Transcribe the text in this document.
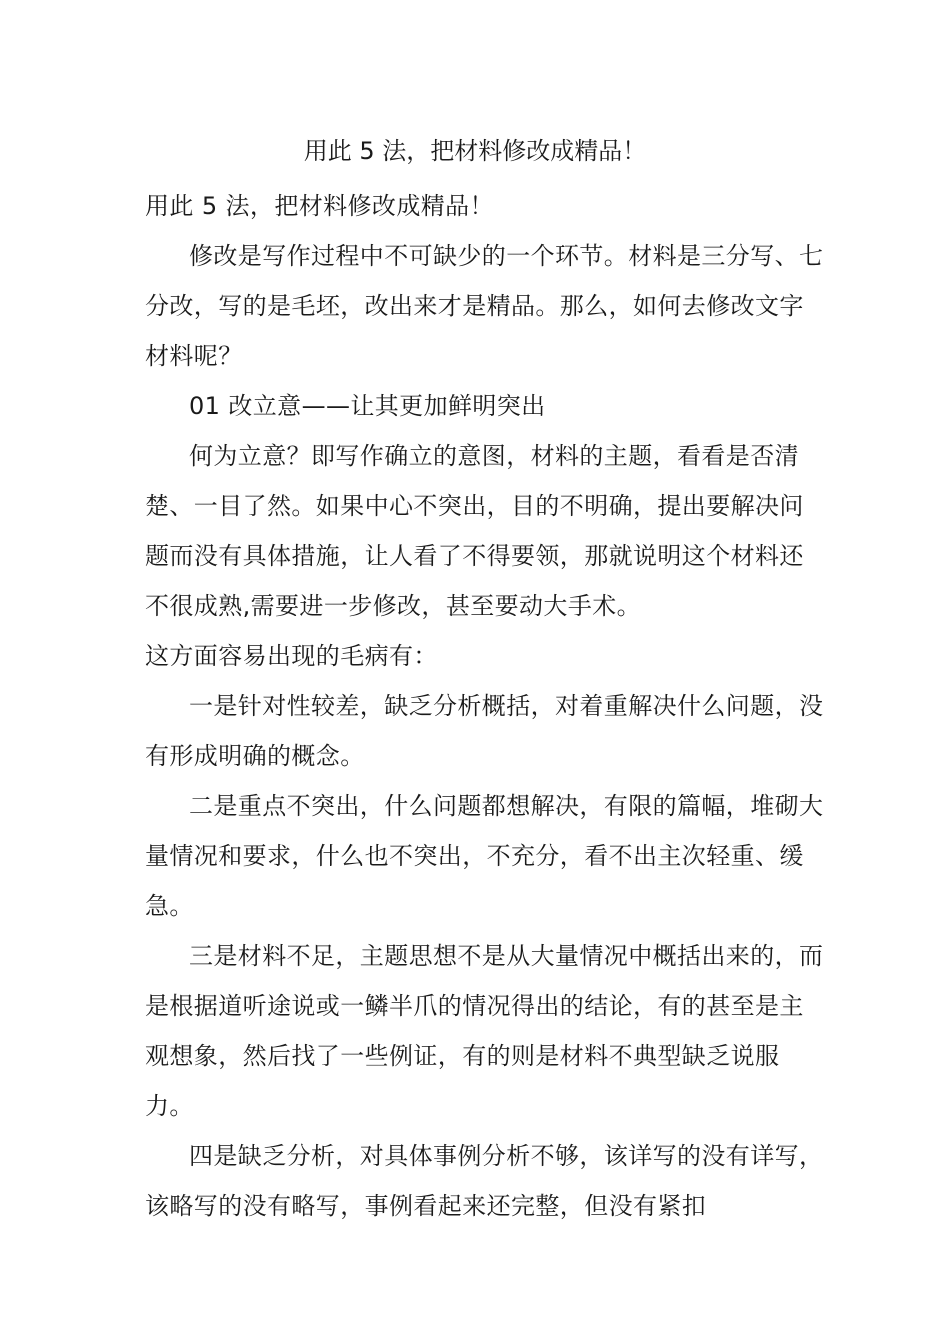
用此 5 法，把材料修改成精品！

用此 5 法，把材料修改成精品！

修改是写作过程中不可缺少的一个环节。材料是三分写、七分改，写的是毛坯，改出来才是精品。那么，如何去修改文字材料呢？

01 改立意——让其更加鲜明突出

何为立意？即写作确立的意图，材料的主题，看看是否清楚、一目了然。如果中心不突出，目的不明确，提出要解决问题而没有具体措施，让人看了不得要领，那就说明这个材料还不很成熟,需要进一步修改，甚至要动大手术。

这方面容易出现的毛病有：

一是针对性较差，缺乏分析概括，对着重解决什么问题，没有形成明确的概念。

二是重点不突出，什么问题都想解决，有限的篇幅，堆砌大量情况和要求，什么也不突出，不充分，看不出主次轻重、缓急。

三是材料不足，主题思想不是从大量情况中概括出来的，而是根据道听途说或一鳞半爪的情况得出的结论，有的甚至是主观想象，然后找了一些例证，有的则是材料不典型缺乏说服力。

四是缺乏分析，对具体事例分析不够，该详写的没有详写，该略写的没有略写，事例看起来还完整，但没有紧扣
